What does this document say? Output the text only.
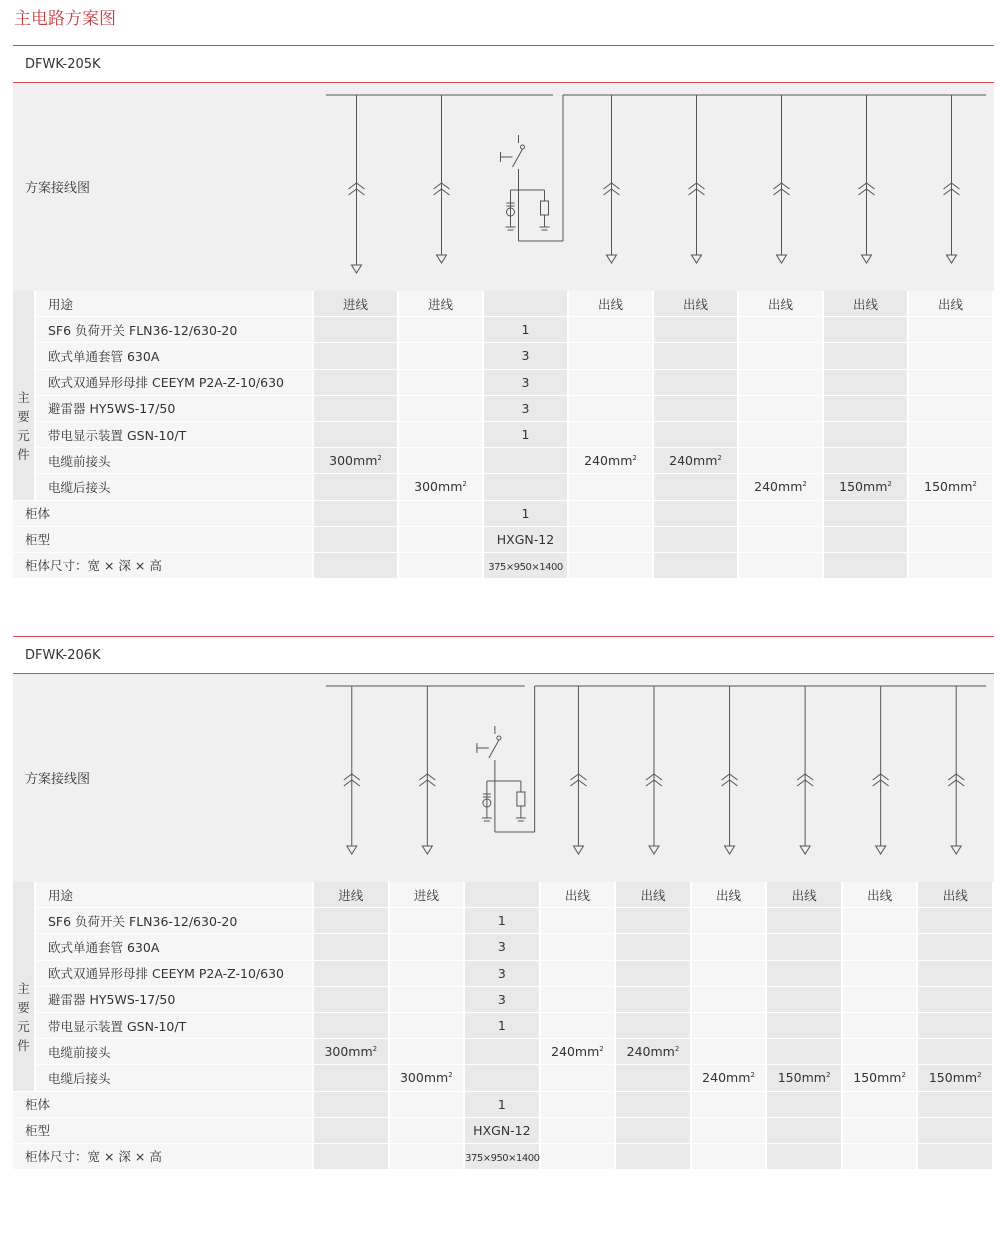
主电路方案图
DFWK-205K
方案接线图
主
要
元
件	用途	进线	进线		出线	出线	出线	出线	出线
	SF6 负荷开关 FLN36-12/630-20			1					
	欧式单通套管 630A			3					
	欧式双通异形母排 CEEYM P2A-Z-10/630			3					
	避雷器 HY5WS-17/50			3					
	带电显示装置 GSN-10/T			1					
	电缆前接头	$300mm^2$			$240mm^2$	$240mm^2$			
	电缆后接头		$300mm^2$				$240mm^2$	$150mm^2$	$150mm^2$
柜体				1					
柜型				HXGN-12					
柜体尺寸：宽 × 深 × 高				375×950×1400					
DFWK-206K
方案接线图
主
要
元
件	用途	进线	进线		出线	出线	出线	出线	出线	出线
	SF6 负荷开关 FLN36-12/630-20			1						
	欧式单通套管 630A			3						
	欧式双通异形母排 CEEYM P2A-Z-10/630			3						
	避雷器 HY5WS-17/50			3						
	带电显示装置 GSN-10/T			1						
	电缆前接头	$300mm^2$			$240mm^2$	$240mm^2$				
	电缆后接头		$300mm^2$				$240mm^2$	$150mm^2$	$150mm^2$	$150mm^2$
柜体				1						
柜型				HXGN-12						
柜体尺寸：宽 × 深 × 高				375×950×1400						
